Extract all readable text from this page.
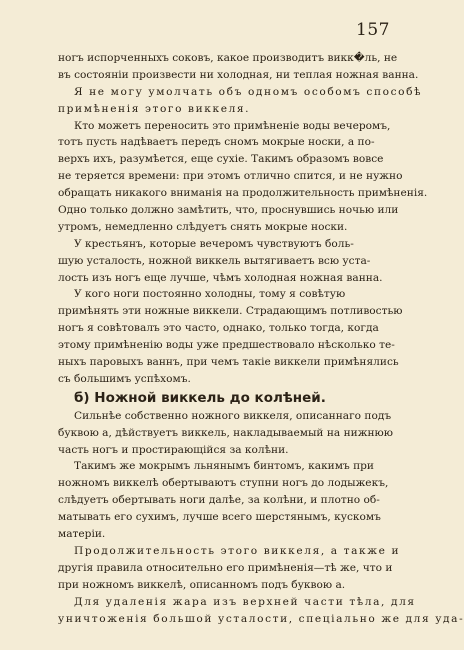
157
ногъ испорченныхъ соковъ, какое производитъ викк�ль, не
въ состояніи произвести ни холодная, ни теплая ножная ванна.
Я не могу умолчать объ одномъ особомъ способѣ
примѣненія этого виккеля.
Кто можетъ переносить это примѣненіе воды вечеромъ,
тотъ пусть надѣваетъ передъ сномъ мокрые носки, а по-
верхъ ихъ, разумѣется, еще сухіе. Такимъ образомъ вовсе
не теряется времени: при этомъ отлично спится, и не нужно
обращать никакого вниманія на продолжительность примѣненія.
Одно только должно замѣтить, что, проснувшись ночью или
утромъ, немедленно слѣдуетъ снять мокрые носки.
У крестьянъ, которые вечеромъ чувствуютъ боль-
шую усталость, ножной виккель вытягиваетъ всю уста-
лость изъ ногъ еще лучше, чѣмъ холодная ножная ванна.
У кого ноги постоянно холодны, тому я совѣтую
примѣнять эти ножные виккели. Страдающимъ потливостью
ногъ я совѣтовалъ это часто, однако, только тогда, когда
этому примѣненію воды уже предшествовало нѣсколько те-
ныхъ паровыхъ ваннъ, при чемъ такіе виккели примѣнялись
съ большимъ успѣхомъ.
б) Ножной виккель до колѣней.
Сильнѣе собственно ножного виккеля, описаннаго подъ
буквою а, дѣйствуетъ виккель, накладываемый на нижнюю
часть ногъ и простирающійся за колѣни.
Такимъ же мокрымъ льнянымъ бинтомъ, какимъ при
ножномъ виккелѣ обертываютъ ступни ногъ до лодыжекъ,
слѣдуетъ обертывать ноги далѣе, за колѣни, и плотно об-
матывать его сухимъ, лучше всего шерстянымъ, кускомъ
матеріи.
Продолжительность этого виккеля, а также и
другія правила относительно его примѣненія—тѣ же, что и
при ножномъ виккелѣ, описанномъ подъ буквою а.
Для удаленія жара изъ верхней части тѣла, для
уничтоженія большой усталости, спеціально же для уда-
